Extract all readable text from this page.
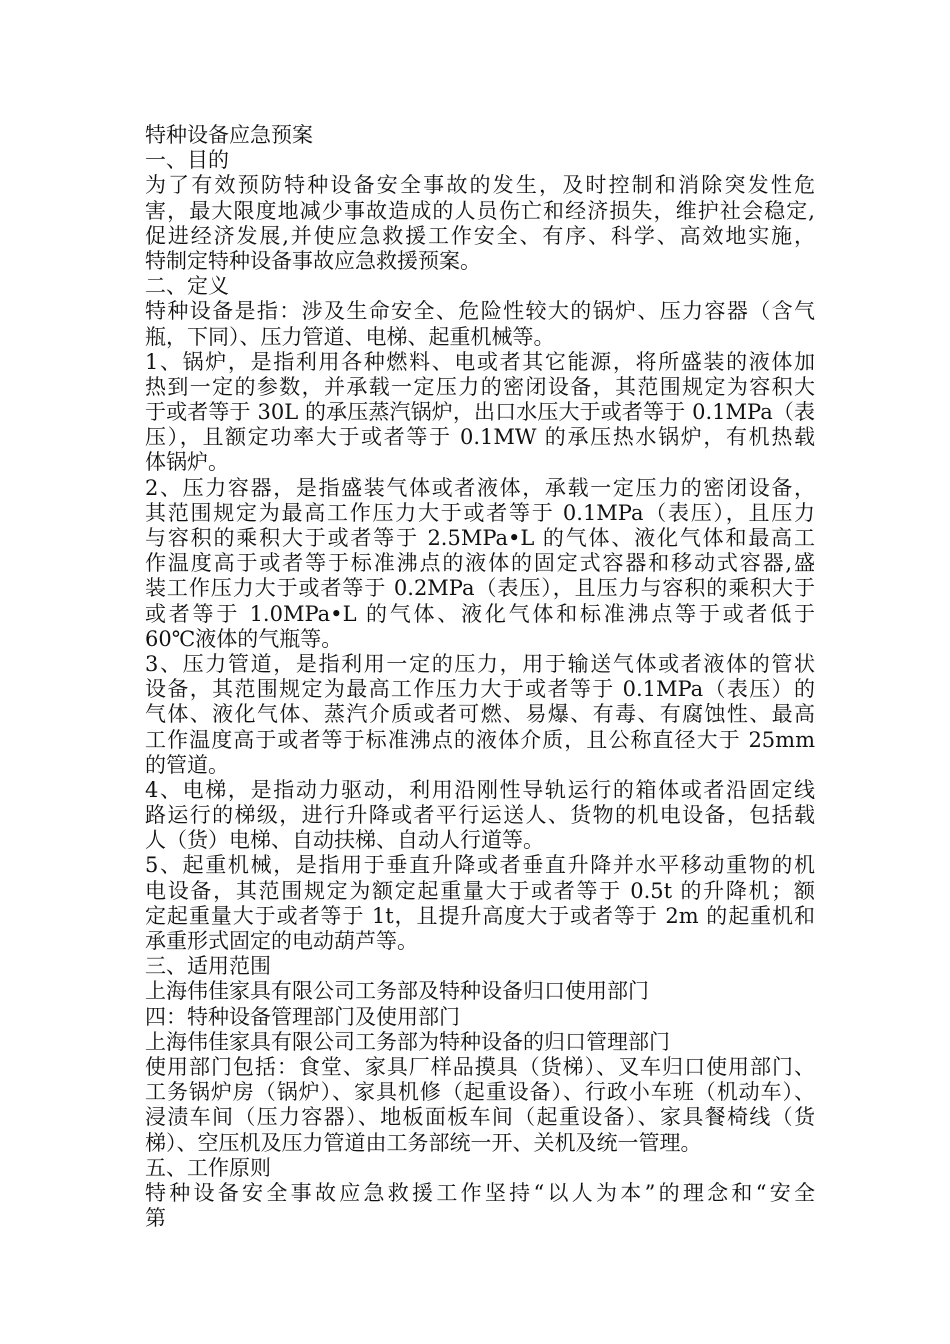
特种设备应急预案
一、目的
为了有效预防特种设备安全事故的发生，及时控制和消除突发性危
害，最大限度地减少事故造成的人员伤亡和经济损失，维护社会稳定,
促进经济发展,并使应急救援工作安全、有序、科学、高效地实施，
特制定特种设备事故应急救援预案。
二、定义
特种设备是指：涉及生命安全、危险性较大的锅炉、压力容器（含气
瓶，下同）、压力管道、电梯、起重机械等。
1、锅炉，是指利用各种燃料、电或者其它能源，将所盛装的液体加
热到一定的参数，并承载一定压力的密闭设备，其范围规定为容积大
于或者等于 30L 的承压蒸汽锅炉，出口水压大于或者等于 0.1MPa（表
压），且额定功率大于或者等于 0.1MW 的承压热水锅炉，有机热载
体锅炉。
2、压力容器，是指盛装气体或者液体，承载一定压力的密闭设备，
其范围规定为最高工作压力大于或者等于 0.1MPa（表压），且压力
与容积的乘积大于或者等于 2.5MPa•L 的气体、液化气体和最高工
作温度高于或者等于标准沸点的液体的固定式容器和移动式容器,盛
装工作压力大于或者等于 0.2MPa（表压），且压力与容积的乘积大于
或者等于 1.0MPa•L 的气体、液化气体和标准沸点等于或者低于
60℃液体的气瓶等。
3、压力管道，是指利用一定的压力，用于输送气体或者液体的管状
设备，其范围规定为最高工作压力大于或者等于 0.1MPa（表压）的
气体、液化气体、蒸汽介质或者可燃、易爆、有毒、有腐蚀性、最高
工作温度高于或者等于标准沸点的液体介质，且公称直径大于 25mm
的管道。
4、电梯，是指动力驱动，利用沿刚性导轨运行的箱体或者沿固定线
路运行的梯级，进行升降或者平行运送人、货物的机电设备，包括载
人（货）电梯、自动扶梯、自动人行道等。
5、起重机械，是指用于垂直升降或者垂直升降并水平移动重物的机
电设备，其范围规定为额定起重量大于或者等于 0.5t 的升降机；额
定起重量大于或者等于 1t，且提升高度大于或者等于 2m 的起重机和
承重形式固定的电动葫芦等。
三、适用范围
上海伟佳家具有限公司工务部及特种设备归口使用部门
四：特种设备管理部门及使用部门
上海伟佳家具有限公司工务部为特种设备的归口管理部门
使用部门包括：食堂、家具厂样品摸具（货梯）、叉车归口使用部门、
工务锅炉房（锅炉）、家具机修（起重设备）、行政小车班（机动车）、
浸渍车间（压力容器）、地板面板车间（起重设备）、家具餐椅线（货
梯）、空压机及压力管道由工务部统一开、关机及统一管理。
五、工作原则
特种设备安全事故应急救援工作坚持“以人为本”的理念和“安全
第
